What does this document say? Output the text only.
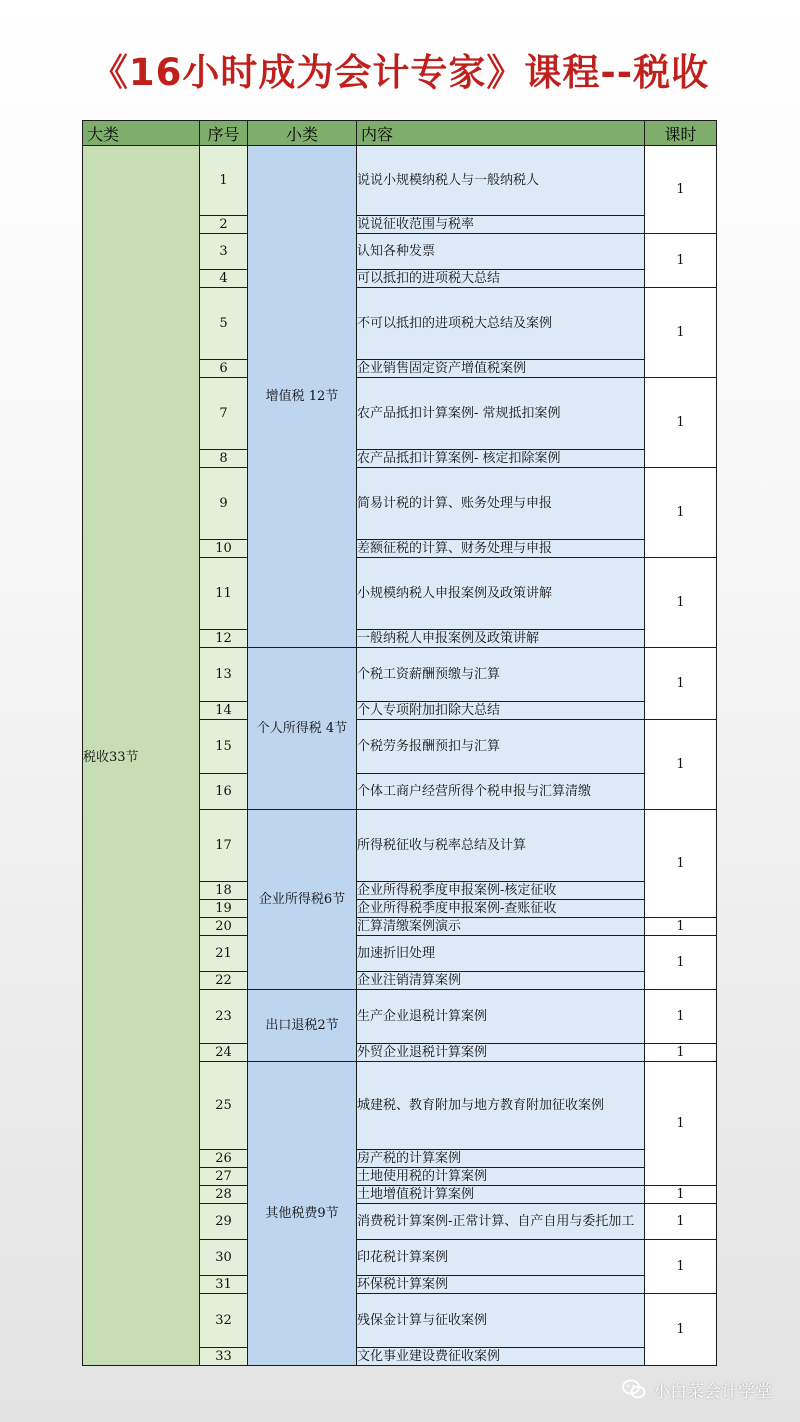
《16小时成为会计专家》课程--税收
大类	序号	小类	内容	课时
税收33节	1	增值税 12节	说说小规模纳税人与一般纳税人	1
	2		说说征收范围与税率	
	3		认知各种发票	1
	4		可以抵扣的进项税大总结	
	5		不可以抵扣的进项税大总结及案例	1
	6		企业销售固定资产增值税案例	
	7		农产品抵扣计算案例- 常规抵扣案例	1
	8		农产品抵扣计算案例- 核定扣除案例	
	9		简易计税的计算、账务处理与申报	1
	10		差额征税的计算、财务处理与申报	
	11		小规模纳税人申报案例及政策讲解	1
	12		一般纳税人申报案例及政策讲解	
	13	个人所得税 4节	个税工资薪酬预缴与汇算	1
	14		个人专项附加扣除大总结	
	15		个税劳务报酬预扣与汇算	1
	16		个体工商户经营所得个税申报与汇算清缴	
	17	企业所得税6节	所得税征收与税率总结及计算	1
	18		企业所得税季度申报案例-核定征收	
	19		企业所得税季度申报案例-查账征收	
	20		汇算清缴案例演示	1
	21		加速折旧处理	1
	22		企业注销清算案例	
	23	出口退税2节	生产企业退税计算案例	1
	24		外贸企业退税计算案例	1
	25	其他税费9节	城建税、教育附加与地方教育附加征收案例	1
	26		房产税的计算案例	
	27		土地使用税的计算案例	
	28		土地增值税计算案例	1
	29		消费税计算案例-正常计算、自产自用与委托加工	1
	30		印花税计算案例	1
	31		环保税计算案例	
	32		残保金计算与征收案例	1
	33		文化事业建设费征收案例	
小白菜会计学堂
